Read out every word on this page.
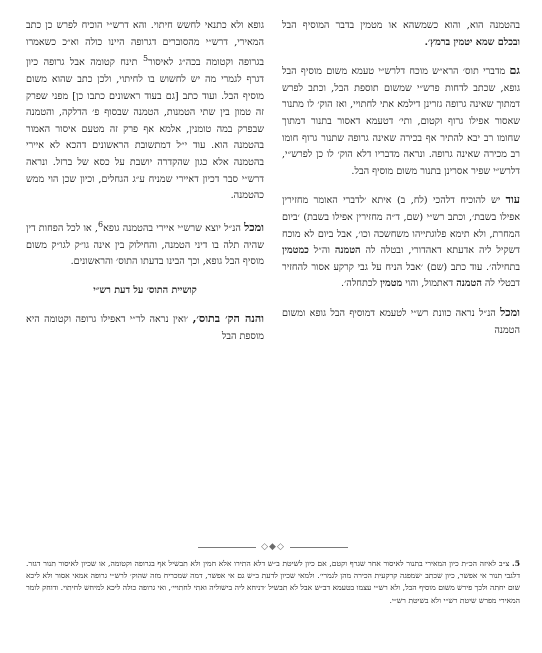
בהטמנה הוא, והוא כשמשהא או מטמין בדבר המוסיף הבל ובכלם שמא יטמין ברמץ׳.

גם מדברי תוס׳ הרא״ש מוכח דלרש״י טעמא משום מוסיף הבל גופא, שכתב לדחות פרש״י שמשום תוספת הבל, וכתב לפרש דמתוך שאינה גרופה גזרינן דילמא אתי לחתויי, ואז הוק׳ לו מתנור שאסור אפילו גרוף וקטום, ותי׳ דטעמא דאסור בתנור דמתוך שחומו רב יבא להתיר אף בכירה שאינה גרופה שתנור גרוף חומו רב מכירה שאינה גרופה. ונראה מדבריו דלא הוק׳ לו כן לפרש״י, דלרש״י שפיר אסרינן בתנור משום מוסיף הבל.

עוד יש להוכיח דלהכי (לח, ב) איתא ׳לדברי האומר מחזירין אפילו בשבת׳, וכתב רש״י (שם, ד״ה מחזירין אפילו בשבת) ׳ביום המחרת, ולא תימא פלוגתייהו משחשכה וכו׳, אבל ביום לא מוכח דשקיל ליה אדעתא דאהדורי, ובטלה לה הטמנה וה״ל כמטמין בתחילה׳. עוד כתב (שם) ׳אבל הניח על גבי קרקע אסור להחזיר דבטלי לה הטמנה דאתמול, והוי מטמין לכתחלה׳.

ומכל הנ״ל נראה כוונת רש״י לטעמא דמוסיף הבל גופא ומשום הטמנה

גופא ולא כתנאי לחשש חיתוי. והא דרש״י הוכיח לפרש כן כתב המאירי, דרש״י מהסוברים דגרופה היינו כולה וא״כ כשאמרו בגרופה וקטומה בכה״ג לאיסור$^5$ תינח קטומה אבל גרופה כיון דגרף לגמרי מה יש לחשוש בו לחיתוי, ולכן כתב שהוא משום מוסיף הבל. ועוד כתב [גם בעוד ראשונים כתבו כן] מפני שפרק זה טמון בין שתי הטמנות, הטמנה שבסוף פ׳ הדלקה, והטמנה שבפרק במה טומנין, אלמא אף פרק זה מטעם איסור האמור בהטמנה הוא. עוד י״ל דמתשובת הראשונים דהכא לא איירי בהטמנה אלא כגון שהקדרה יושבת על כסא של ברזל. ונראה דרש״י סבר דכיון דאיירי שמניח ע״ג הגחלים, וכיון שכן הוי ממש כהטמנה.

ומכל הנ״ל יוצא שרש״י איירי בהטמנה גופא$^6$, או לכל הפחות דין שהיה תלה בו דיני הטמנה, והחילוק בין אינה גו״ק לגו״ק משום מוסיף הבל גופא, וכך הבינו בדעתו התוס׳ והראשונים.

קושיית התוס׳ על דעת רש״י

והנה הק׳ בתוס׳, ׳ואין נראה לר״י דאפילו גרופה וקטומה היא מוספת הבל

◇◆◇
5. צ״ב לאיזה הכ״ת כיון המאירי בתנור לאיסור אחר שגרף וקטם, אם כיון לשיטת ב״ש דלא התירו אלא חמין ולא תבשיל אף בגרופה וקטומה, או שכיון לאיסור תנור דגזר. דלגבי תנור אי אפשר, כיון שכתב ׳שמפגה קרקעית הכירה מהן לגמרי׳. ולמאי שכיון לדעת ב״ש גם אי אפשר, דמה שמכריח מזה שהוק׳ לרש״י גרופה אמאי אסור ולא ליכא שום יחתה ולכך פירש משום מוסיף הבל, ולא רש״י עצמו בטעמא דב״ש אבל לא תבשיל ׳דניחא ליה בישוליה ואתי לחתויי׳, ואי גרופה כולה ליכא למיחש לחיתוי. ודוחק לומר המאירי מפרש שיטת רש״י ולא בשיטת רש״י.
